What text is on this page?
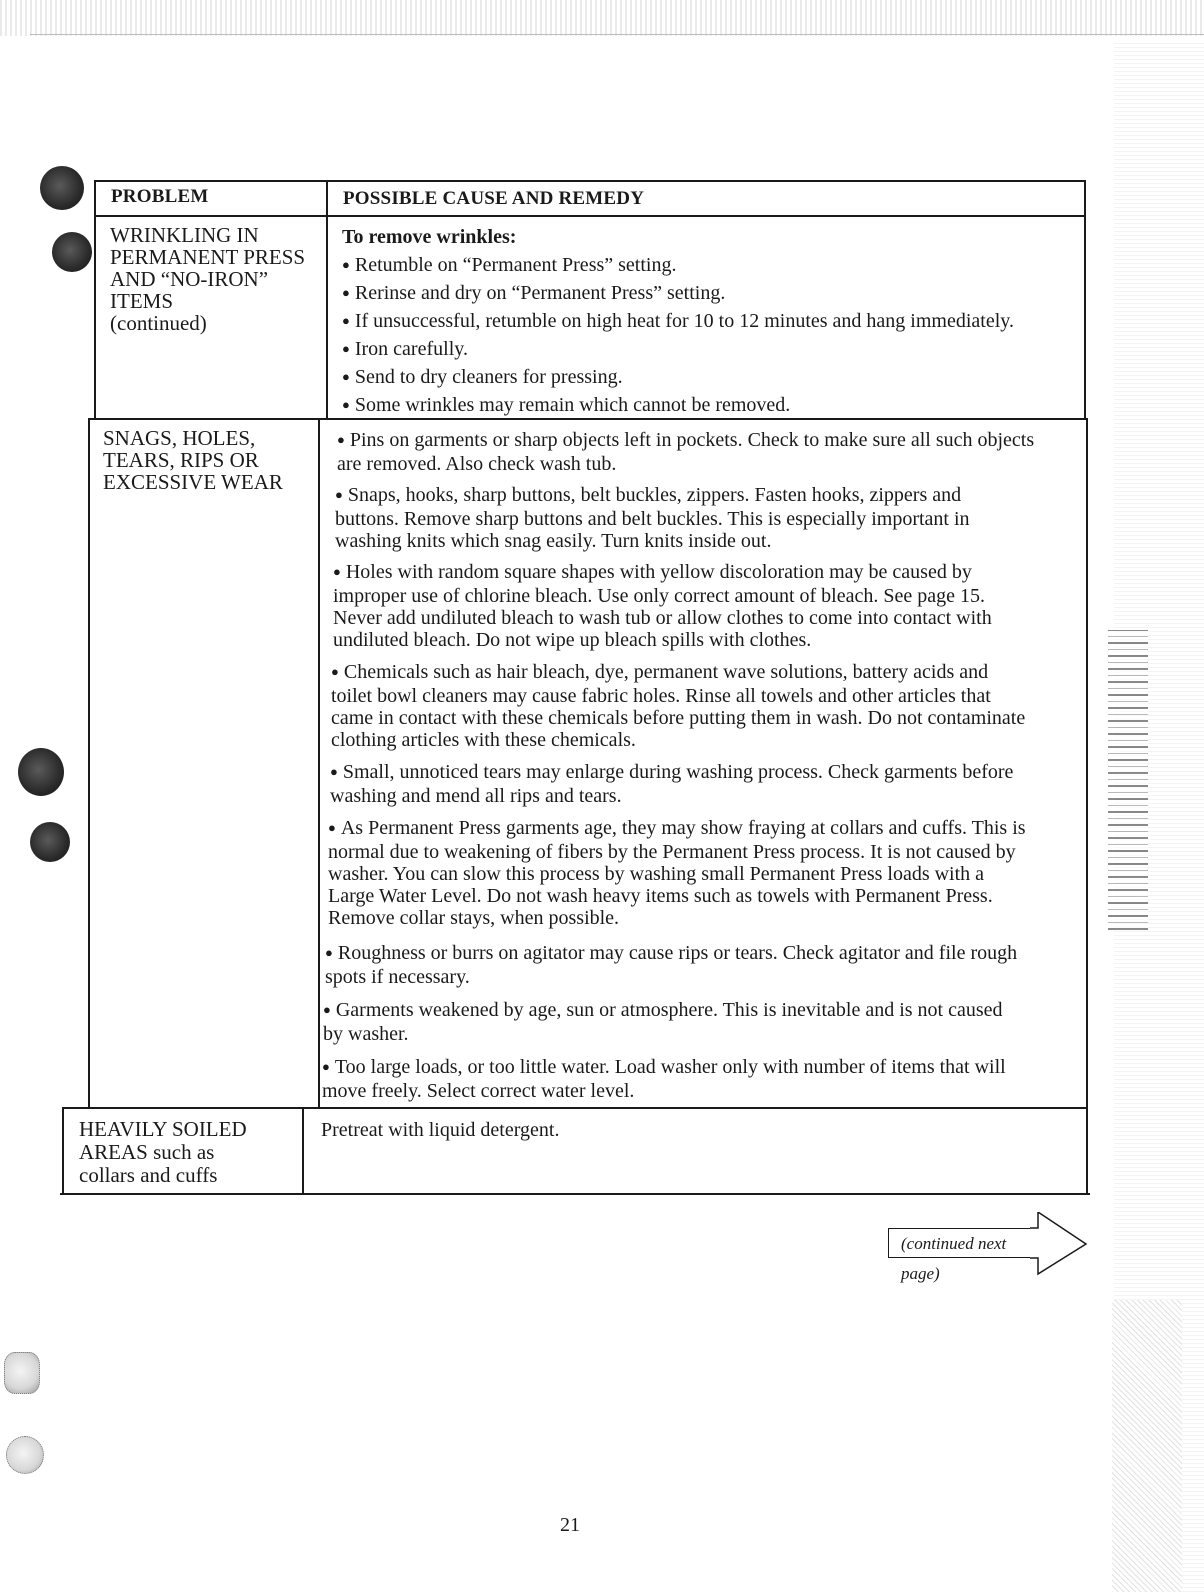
PROBLEM	POSSIBLE CAUSE AND REMEDY
WRINKLING IN
PERMANENT PRESS
AND “NO-IRON”
ITEMS
(continued)
To remove wrinkles:
● Retumble on “Permanent Press” setting.
● Rerinse and dry on “Permanent Press” setting.
● If unsuccessful, retumble on high heat for 10 to 12 minutes and hang immediately.
● Iron carefully.
● Send to dry cleaners for pressing.
● Some wrinkles may remain which cannot be removed.
SNAGS, HOLES,
TEARS, RIPS OR
EXCESSIVE WEAR
● Pins on garments or sharp objects left in pockets. Check to make sure all such objects
are removed. Also check wash tub.
● Snaps, hooks, sharp buttons, belt buckles, zippers. Fasten hooks, zippers and
buttons. Remove sharp buttons and belt buckles. This is especially important in
washing knits which snag easily. Turn knits inside out.
● Holes with random square shapes with yellow discoloration may be caused by
improper use of chlorine bleach. Use only correct amount of bleach. See page 15.
Never add undiluted bleach to wash tub or allow clothes to come into contact with
undiluted bleach. Do not wipe up bleach spills with clothes.
● Chemicals such as hair bleach, dye, permanent wave solutions, battery acids and
toilet bowl cleaners may cause fabric holes. Rinse all towels and other articles that
came in contact with these chemicals before putting them in wash. Do not contaminate
clothing articles with these chemicals.
● Small, unnoticed tears may enlarge during washing process. Check garments before
washing and mend all rips and tears.
● As Permanent Press garments age, they may show fraying at collars and cuffs. This is
normal due to weakening of fibers by the Permanent Press process. It is not caused by
washer. You can slow this process by washing small Permanent Press loads with a
Large Water Level. Do not wash heavy items such as towels with Permanent Press.
Remove collar stays, when possible.
● Roughness or burrs on agitator may cause rips or tears. Check agitator and file rough
spots if necessary.
● Garments weakened by age, sun or atmosphere. This is inevitable and is not caused
by washer.
● Too large loads, or too little water. Load washer only with number of items that will
move freely. Select correct water level.
HEAVILY SOILED
AREAS such as
collars and cuffs
Pretreat with liquid detergent.
(continued next page)
21
